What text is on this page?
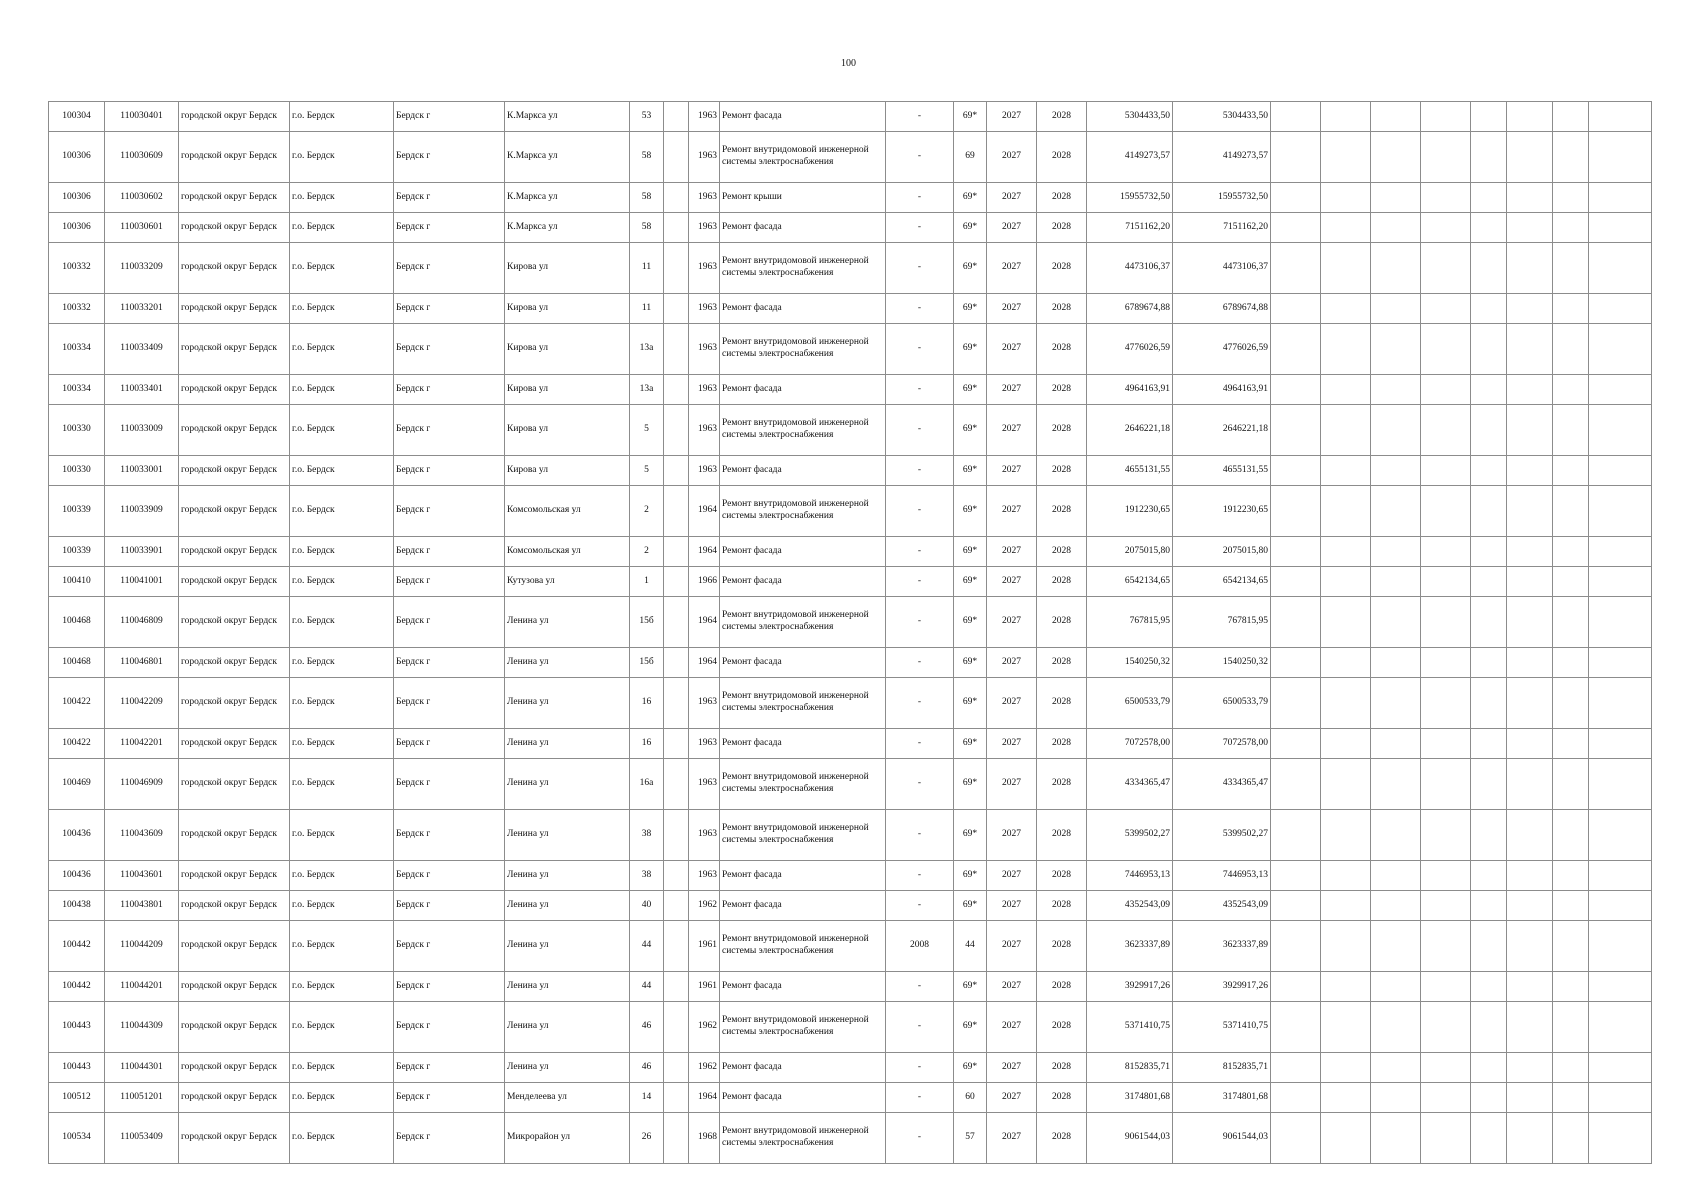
100
100304	110030401	городской округ Бердск	г.о. Бердск	Бердск г	К.Маркса ул	53		1963	Ремонт фасада	-	69*	2027	2028	5304433,50	5304433,50								
100306	110030609	городской округ Бердск	г.о. Бердск	Бердск г	К.Маркса ул	58		1963	Ремонт внутридомовой инженерной системы электроснабжения	-	69	2027	2028	4149273,57	4149273,57								
100306	110030602	городской округ Бердск	г.о. Бердск	Бердск г	К.Маркса ул	58		1963	Ремонт крыши	-	69*	2027	2028	15955732,50	15955732,50								
100306	110030601	городской округ Бердск	г.о. Бердск	Бердск г	К.Маркса ул	58		1963	Ремонт фасада	-	69*	2027	2028	7151162,20	7151162,20								
100332	110033209	городской округ Бердск	г.о. Бердск	Бердск г	Кирова ул	11		1963	Ремонт внутридомовой инженерной системы электроснабжения	-	69*	2027	2028	4473106,37	4473106,37								
100332	110033201	городской округ Бердск	г.о. Бердск	Бердск г	Кирова ул	11		1963	Ремонт фасада	-	69*	2027	2028	6789674,88	6789674,88								
100334	110033409	городской округ Бердск	г.о. Бердск	Бердск г	Кирова ул	13а		1963	Ремонт внутридомовой инженерной системы электроснабжения	-	69*	2027	2028	4776026,59	4776026,59								
100334	110033401	городской округ Бердск	г.о. Бердск	Бердск г	Кирова ул	13а		1963	Ремонт фасада	-	69*	2027	2028	4964163,91	4964163,91								
100330	110033009	городской округ Бердск	г.о. Бердск	Бердск г	Кирова ул	5		1963	Ремонт внутридомовой инженерной системы электроснабжения	-	69*	2027	2028	2646221,18	2646221,18								
100330	110033001	городской округ Бердск	г.о. Бердск	Бердск г	Кирова ул	5		1963	Ремонт фасада	-	69*	2027	2028	4655131,55	4655131,55								
100339	110033909	городской округ Бердск	г.о. Бердск	Бердск г	Комсомольская ул	2		1964	Ремонт внутридомовой инженерной системы электроснабжения	-	69*	2027	2028	1912230,65	1912230,65								
100339	110033901	городской округ Бердск	г.о. Бердск	Бердск г	Комсомольская ул	2		1964	Ремонт фасада	-	69*	2027	2028	2075015,80	2075015,80								
100410	110041001	городской округ Бердск	г.о. Бердск	Бердск г	Кутузова ул	1		1966	Ремонт фасада	-	69*	2027	2028	6542134,65	6542134,65								
100468	110046809	городской округ Бердск	г.о. Бердск	Бердск г	Ленина ул	15б		1964	Ремонт внутридомовой инженерной системы электроснабжения	-	69*	2027	2028	767815,95	767815,95								
100468	110046801	городской округ Бердск	г.о. Бердск	Бердск г	Ленина ул	15б		1964	Ремонт фасада	-	69*	2027	2028	1540250,32	1540250,32								
100422	110042209	городской округ Бердск	г.о. Бердск	Бердск г	Ленина ул	16		1963	Ремонт внутридомовой инженерной системы электроснабжения	-	69*	2027	2028	6500533,79	6500533,79								
100422	110042201	городской округ Бердск	г.о. Бердск	Бердск г	Ленина ул	16		1963	Ремонт фасада	-	69*	2027	2028	7072578,00	7072578,00								
100469	110046909	городской округ Бердск	г.о. Бердск	Бердск г	Ленина ул	16а		1963	Ремонт внутридомовой инженерной системы электроснабжения	-	69*	2027	2028	4334365,47	4334365,47								
100436	110043609	городской округ Бердск	г.о. Бердск	Бердск г	Ленина ул	38		1963	Ремонт внутридомовой инженерной системы электроснабжения	-	69*	2027	2028	5399502,27	5399502,27								
100436	110043601	городской округ Бердск	г.о. Бердск	Бердск г	Ленина ул	38		1963	Ремонт фасада	-	69*	2027	2028	7446953,13	7446953,13								
100438	110043801	городской округ Бердск	г.о. Бердск	Бердск г	Ленина ул	40		1962	Ремонт фасада	-	69*	2027	2028	4352543,09	4352543,09								
100442	110044209	городской округ Бердск	г.о. Бердск	Бердск г	Ленина ул	44		1961	Ремонт внутридомовой инженерной системы электроснабжения	2008	44	2027	2028	3623337,89	3623337,89								
100442	110044201	городской округ Бердск	г.о. Бердск	Бердск г	Ленина ул	44		1961	Ремонт фасада	-	69*	2027	2028	3929917,26	3929917,26								
100443	110044309	городской округ Бердск	г.о. Бердск	Бердск г	Ленина ул	46		1962	Ремонт внутридомовой инженерной системы электроснабжения	-	69*	2027	2028	5371410,75	5371410,75								
100443	110044301	городской округ Бердск	г.о. Бердск	Бердск г	Ленина ул	46		1962	Ремонт фасада	-	69*	2027	2028	8152835,71	8152835,71								
100512	110051201	городской округ Бердск	г.о. Бердск	Бердск г	Менделеева ул	14		1964	Ремонт фасада	-	60	2027	2028	3174801,68	3174801,68								
100534	110053409	городской округ Бердск	г.о. Бердск	Бердск г	Микрорайон ул	26		1968	Ремонт внутридомовой инженерной системы электроснабжения	-	57	2027	2028	9061544,03	9061544,03								
